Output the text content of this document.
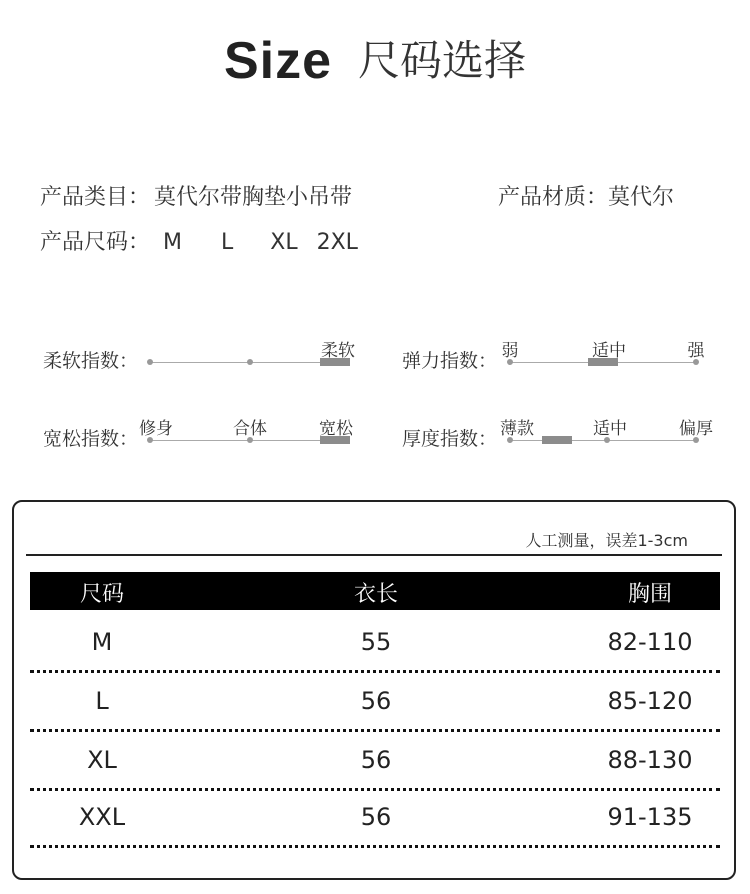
Size 尺码选择
产品类目： 莫代尔带胸垫小吊带	产品材质：莫代尔
产品尺码： M L XL 2XL
柔软指数：	柔软 弹力指数： 弱	适中	强
宽松指数： 修身	合体	宽松	厚度指数： 薄款	适中	偏厚
人工测量，误差1-3cm
尺码	衣长	胸围
M	55	82-110
L	56	85-120
XL	56	88-130
XXL	56	91-135
